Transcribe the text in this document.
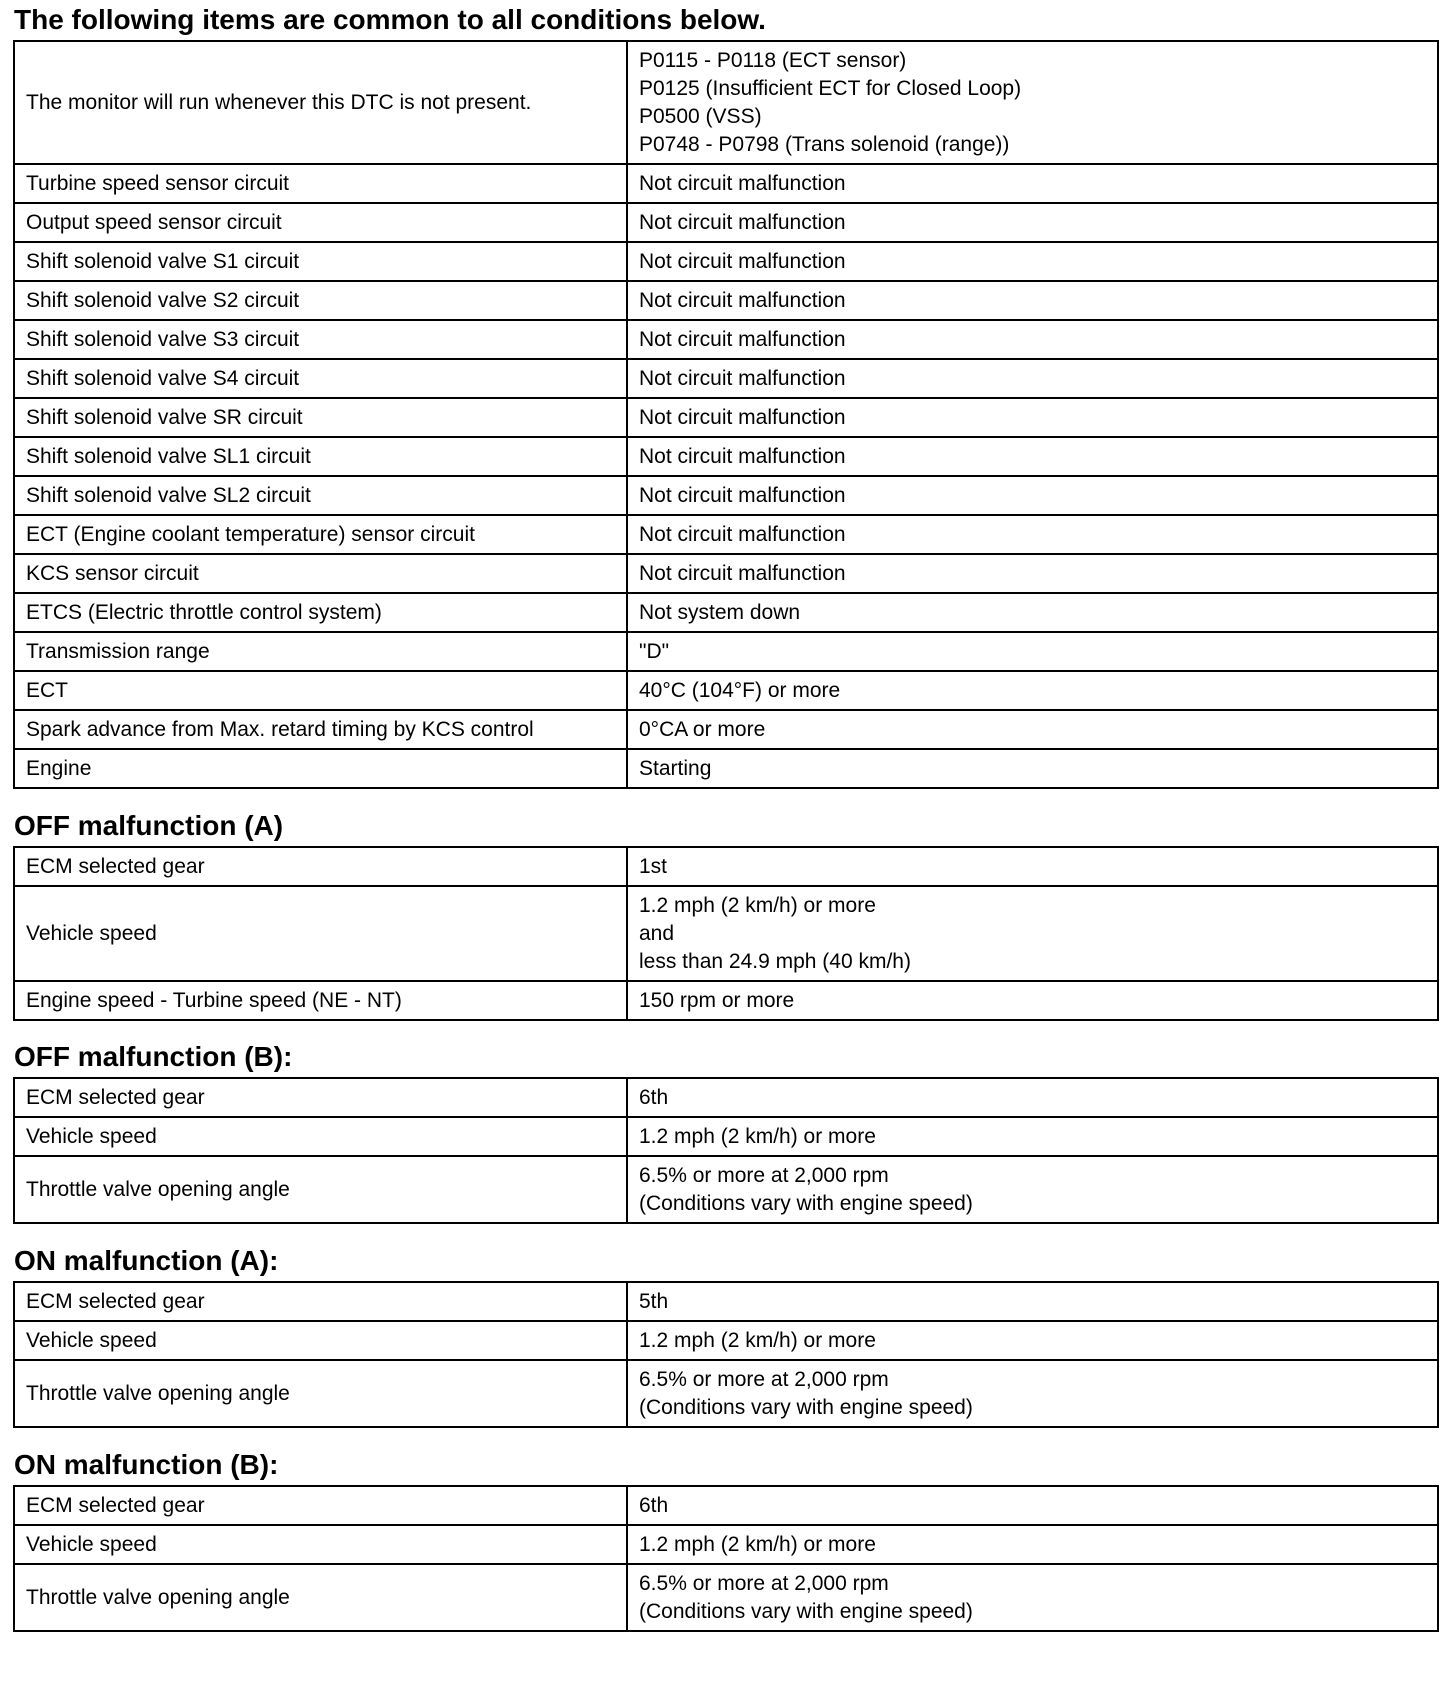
The following items are common to all conditions below.
The monitor will run whenever this DTC is not present.	P0115 - P0118 (ECT sensor)
P0125 (Insufficient ECT for Closed Loop)
P0500 (VSS)
P0748 - P0798 (Trans solenoid (range))

Turbine speed sensor circuit	Not circuit malfunction

Output speed sensor circuit	Not circuit malfunction

Shift solenoid valve S1 circuit	Not circuit malfunction

Shift solenoid valve S2 circuit	Not circuit malfunction

Shift solenoid valve S3 circuit	Not circuit malfunction

Shift solenoid valve S4 circuit	Not circuit malfunction

Shift solenoid valve SR circuit	Not circuit malfunction

Shift solenoid valve SL1 circuit	Not circuit malfunction

Shift solenoid valve SL2 circuit	Not circuit malfunction

ECT (Engine coolant temperature) sensor circuit	Not circuit malfunction

KCS sensor circuit	Not circuit malfunction

ETCS (Electric throttle control system)	Not system down

Transmission range	"D"

ECT	40°C (104°F) or more

Spark advance from Max. retard timing by KCS control	0°CA or more

Engine	Starting
OFF malfunction (A)
ECM selected gear	1st

Vehicle speed	1.2 mph (2 km/h) or more
and
less than 24.9 mph (40 km/h)

Engine speed - Turbine speed (NE - NT)	150 rpm or more
OFF malfunction (B):
ECM selected gear	6th

Vehicle speed	1.2 mph (2 km/h) or more

Throttle valve opening angle	6.5% or more at 2,000 rpm
(Conditions vary with engine speed)
ON malfunction (A):
ECM selected gear	5th

Vehicle speed	1.2 mph (2 km/h) or more

Throttle valve opening angle	6.5% or more at 2,000 rpm
(Conditions vary with engine speed)
ON malfunction (B):
ECM selected gear	6th

Vehicle speed	1.2 mph (2 km/h) or more

Throttle valve opening angle	6.5% or more at 2,000 rpm
(Conditions vary with engine speed)
